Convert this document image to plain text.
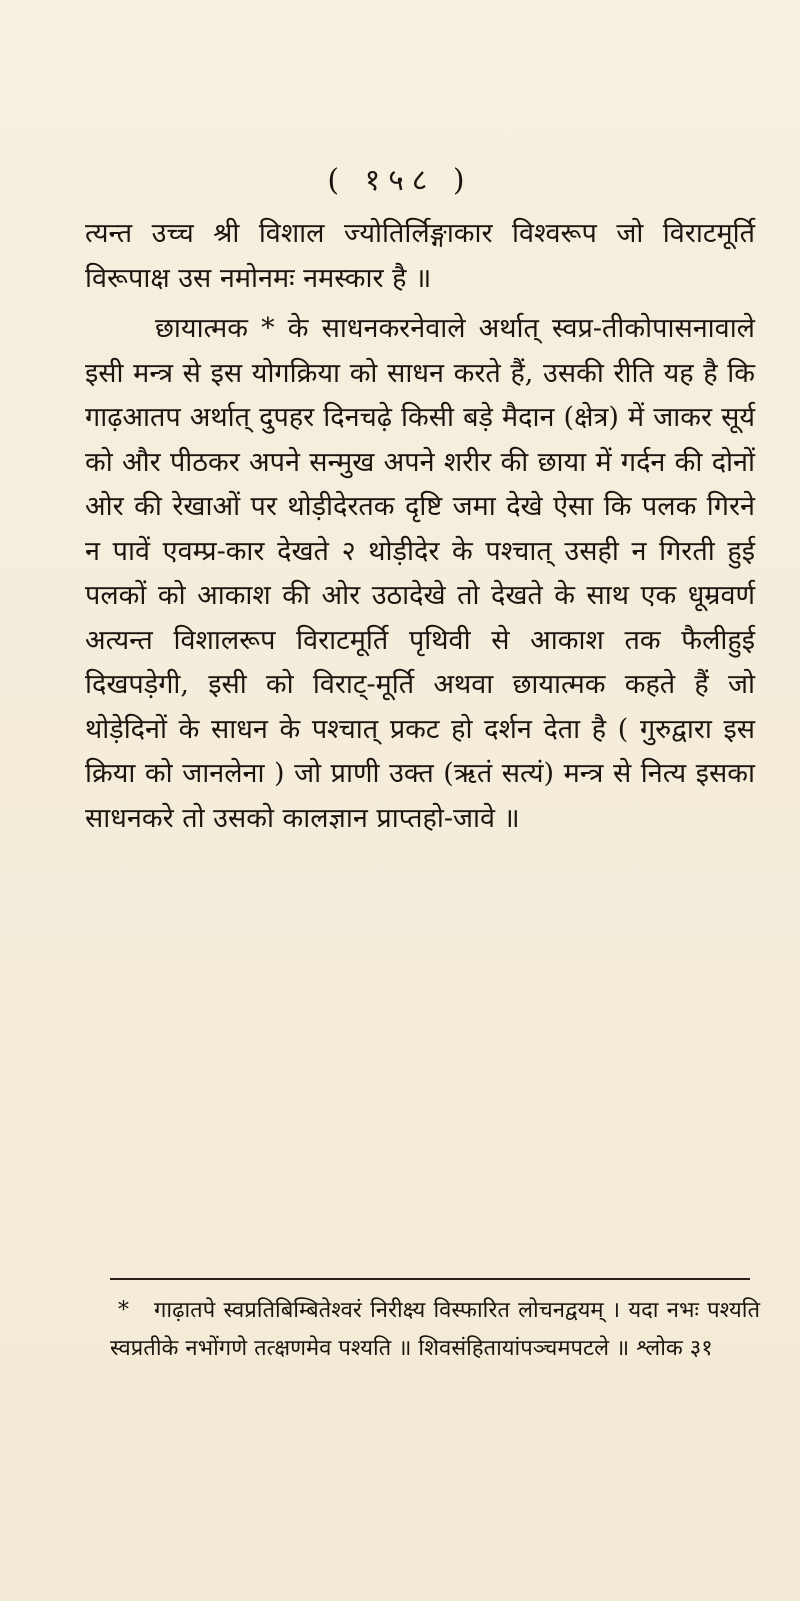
( १५८ )

त्यन्त उच्च श्री विशाल ज्योतिर्लिङ्गाकार विश्वरूप जो विराटमूर्ति विरूपाक्ष उस नमोनमः नमस्कार है ॥

छायात्मक * के साधनकरनेवाले अर्थात् स्वप्र-तीकोपासनावाले इसी मन्त्र से इस योगक्रिया को साधन करते हैं, उसकी रीति यह है कि गाढ़आतप अर्थात् दुपहर दिनचढ़े किसी बड़े मैदान (क्षेत्र) में जाकर सूर्य को और पीठकर अपने सन्मुख अपने शरीर की छाया में गर्दन की दोनों ओर की रेखाओं पर थोड़ीदेरतक दृष्टि जमा देखे ऐसा कि पलक गिरने न पावें एवम्प्र-कार देखते २ थोड़ीदेर के पश्चात् उसही न गिरती हुई पलकों को आकाश की ओर उठादेखे तो देखते के साथ एक धूम्रवर्ण अत्यन्त विशालरूप विराटमूर्ति पृथिवी से आकाश तक फैलीहुई दिखपड़ेगी, इसी को विराट्-मूर्ति अथवा छायात्मक कहते हैं जो थोड़ेदिनों के साधन के पश्चात् प्रकट हो दर्शन देता है ( गुरुद्वारा इस क्रिया को जानलेना ) जो प्राणी उक्त (ऋतं सत्यं) मन्त्र से नित्य इसका साधनकरे तो उसको कालज्ञान प्राप्तहो-जावे ॥

* गाढ़ातपे स्वप्रतिबिम्बितेश्वरं निरीक्ष्य विस्फारित लोचनद्वयम् । यदा नभः पश्यति स्वप्रतीके नभोंगणे तत्क्षणमेव पश्यति ॥ शिवसंहितायांपञ्चमपटले ॥ श्लोक ३१
